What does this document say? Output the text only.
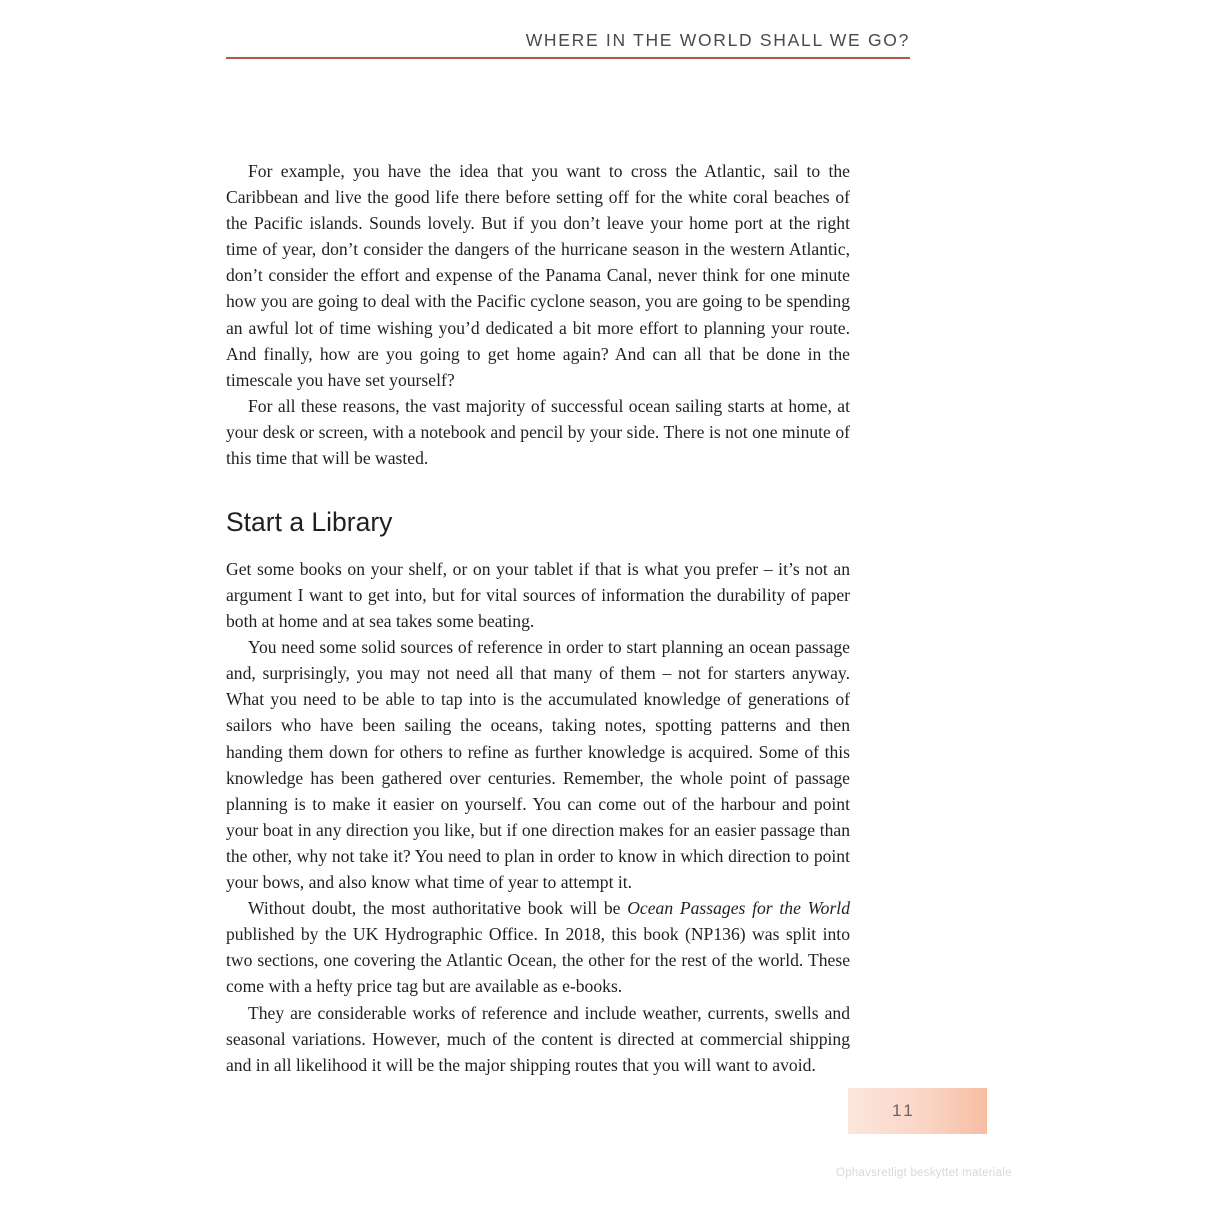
WHERE IN THE WORLD SHALL WE GO?

For example, you have the idea that you want to cross the Atlantic, sail to the Caribbean and live the good life there before setting off for the white coral beaches of the Pacific islands. Sounds lovely. But if you don’t leave your home port at the right time of year, don’t consider the dangers of the hurricane season in the western Atlantic, don’t consider the effort and expense of the Panama Canal, never think for one minute how you are going to deal with the Pacific cyclone season, you are going to be spending an awful lot of time wishing you’d dedicated a bit more effort to planning your route. And finally, how are you going to get home again? And can all that be done in the timescale you have set yourself?

For all these reasons, the vast majority of successful ocean sailing starts at home, at your desk or screen, with a notebook and pencil by your side. There is not one minute of this time that will be wasted.

Start a Library

Get some books on your shelf, or on your tablet if that is what you prefer – it’s not an argument I want to get into, but for vital sources of information the durability of paper both at home and at sea takes some beating.

You need some solid sources of reference in order to start planning an ocean passage and, surprisingly, you may not need all that many of them – not for starters anyway. What you need to be able to tap into is the accumulated knowledge of generations of sailors who have been sailing the oceans, taking notes, spotting patterns and then handing them down for others to refine as further knowledge is acquired. Some of this knowledge has been gathered over centuries. Remember, the whole point of passage planning is to make it easier on yourself. You can come out of the harbour and point your boat in any direction you like, but if one direction makes for an easier passage than the other, why not take it? You need to plan in order to know in which direction to point your bows, and also know what time of year to attempt it.

Without doubt, the most authoritative book will be Ocean Passages for the World published by the UK Hydrographic Office. In 2018, this book (NP136) was split into two sections, one covering the Atlantic Ocean, the other for the rest of the world. These come with a hefty price tag but are available as e-books.

They are considerable works of reference and include weather, currents, swells and seasonal variations. However, much of the content is directed at commercial shipping and in all likelihood it will be the major shipping routes that you will want to avoid.

11
Ophavsretligt beskyttet materiale
